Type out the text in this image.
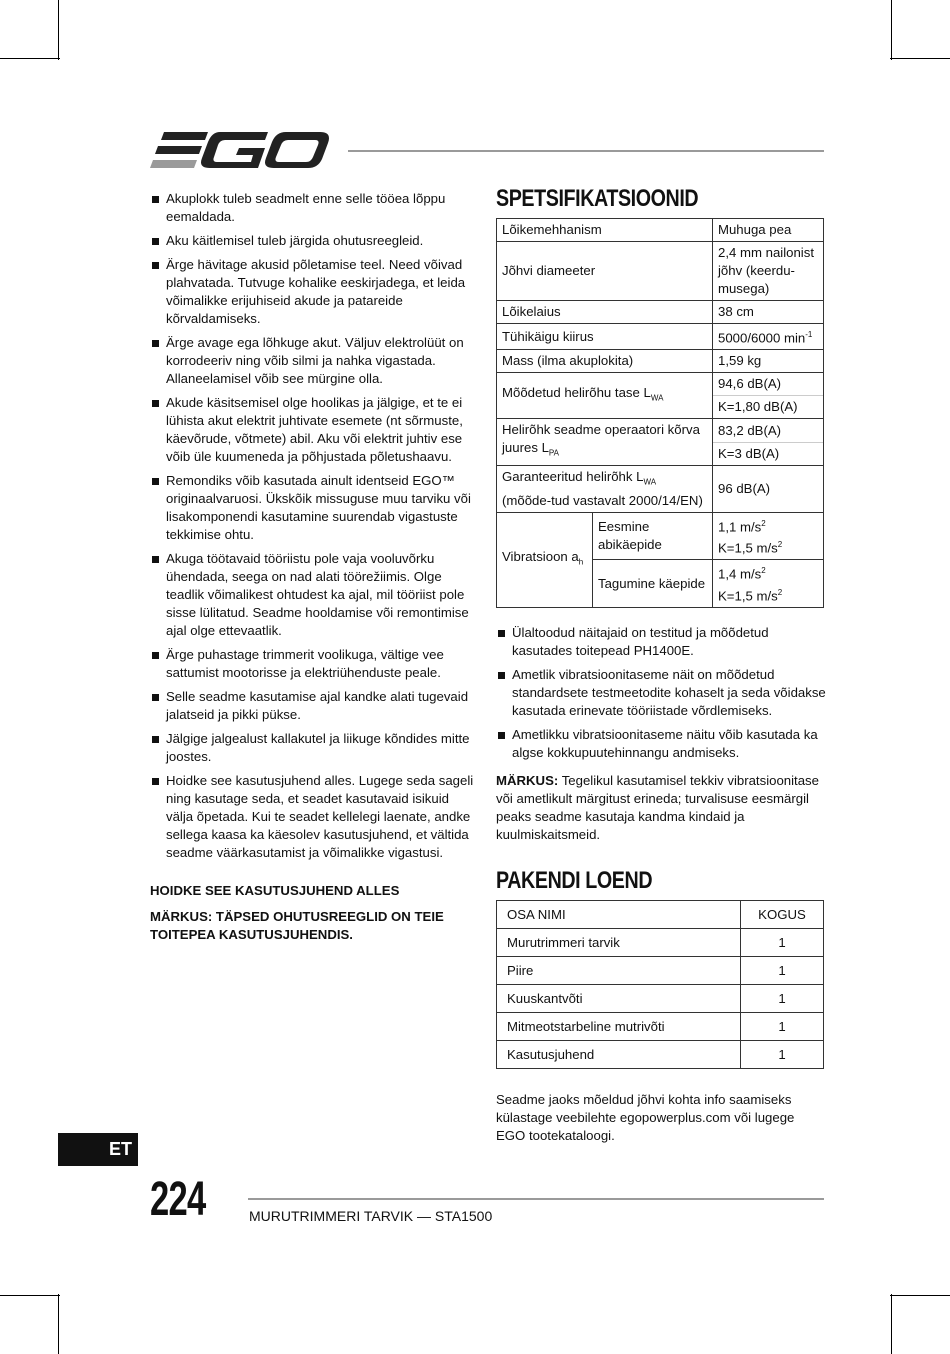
Akuplokk tuleb seadmelt enne selle tööea lõppu eemaldada.
Aku käitlemisel tuleb järgida ohutusreegleid.
Ärge hävitage akusid põletamise teel. Need võivad plahvatada. Tutvuge kohalike eeskirjadega, et leida võimalikke erijuhiseid akude ja patareide kõrvaldamiseks.
Ärge avage ega lõhkuge akut. Väljuv elektrolüüt on korrodeeriv ning võib silmi ja nahka vigastada. Allaneelamisel võib see mürgine olla.
Akude käsitsemisel olge hoolikas ja jälgige, et te ei lühista akut elektrit juhtivate esemete (nt sõrmuste, käevõrude, võtmete) abil. Aku või elektrit juhtiv ese võib üle kuumeneda ja põhjustada põletushaavu.
Remondiks võib kasutada ainult identseid EGO™ originaalvaruosi. Ükskõik missuguse muu tarviku või lisakomponendi kasutamine suurendab vigastuste tekkimise ohtu.
Akuga töötavaid tööriistu pole vaja vooluvõrku ühendada, seega on nad alati töörežiimis. Olge teadlik võimalikest ohtudest ka ajal, mil tööriist pole sisse lülitatud. Seadme hooldamise või remontimise ajal olge ettevaatlik.
Ärge puhastage trimmerit voolikuga, vältige vee sattumist mootorisse ja elektriühenduste peale.
Selle seadme kasutamise ajal kandke alati tugevaid jalatseid ja pikki pükse.
Jälgige jalgealust kallakutel ja liikuge kõndides mitte joostes.
Hoidke see kasutusjuhend alles. Lugege seda sageli ning kasutage seda, et seadet kasutavaid isikuid välja õpetada. Kui te seadet kellelegi laenate, andke sellega kaasa ka käesolev kasutusjuhend, et vältida seadme väärkasutamist ja võimalikke vigastusi.
HOIDKE SEE KASUTUSJUHEND ALLES
MÄRKUS: TÄPSED OHUTUSREEGLID ON TEIE TOITEPEA KASUTUSJUHENDIS.
SPETSIFIKATSIOONID
Lõikemehhanism		Muhuga pea
Jõhvi diameeter		2,4 mm nailonist jõhv (keerdu-musega)
Lõikelaius		38 cm
Tühikäigu kiirus		5000/6000 $\min^{-1}$
Mass (ilma akuplokita)		1,59 kg
Mõõdetud helirõhu tase $L_{WA}$		94,6 dB(A)
K=1,80 dB(A)

Helirõhk seadme operaatori kõrva juures $L_{PA}$		83,2 dB(A)
K=3 dB(A)

Garanteeritud helirõhk $L_{WA}$ (mõõde-tud vastavalt 2000/14/EN)		96 dB(A)
Vibratsioon $a_h$	Eesmine abikäepide	1,1 $m/s^2$
K=1,5 $m/s^2$

	Tagumine käepide	1,4 $m/s^2$
K=1,5 $m/s^2$
Ülaltoodud näitajaid on testitud ja mõõdetud kasutades toitepead PH1400E.
Ametlik vibratsioonitaseme näit on mõõdetud standardsete testmeetodite kohaselt ja seda võidakse kasutada erinevate tööriistade võrdlemiseks.
Ametlikku vibratsioonitaseme näitu võib kasutada ka algse kokkupuutehinnangu andmiseks.
MÄRKUS: Tegelikul kasutamisel tekkiv vibratsioonitase või ametlikult märgitust erineda; turvalisuse eesmärgil peaks seadme kasutaja kandma kindaid ja kuulmiskaitsmeid.
PAKENDI LOEND
OSA NIMI	KOGUS
Murutrimmeri tarvik	1
Piire	1
Kuuskantvõti	1
Mitmeotstarbeline mutrivõti	1
Kasutusjuhend	1
Seadme jaoks mõeldud jõhvi kohta info saamiseks külastage veebilehte egopowerplus.com või lugege EGO tootekataloogi.
ET
224	MURUTRIMMERI TARVIK — STA1500
